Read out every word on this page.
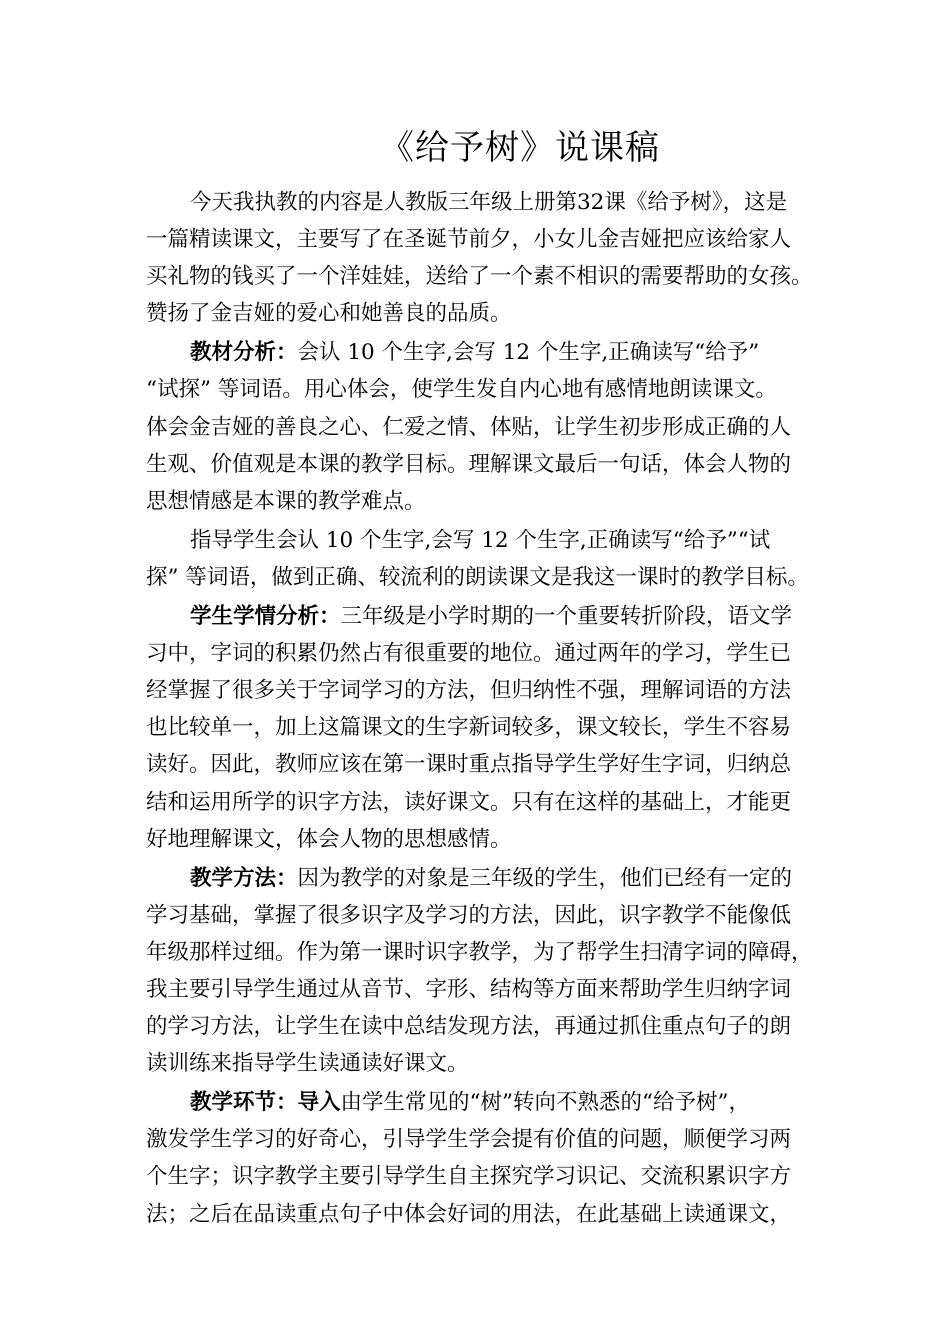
《给予树》说课稿

今天我执教的内容是人教版三年级上册第32课《给予树》，这是
一篇精读课文，主要写了在圣诞节前夕，小女儿金吉娅把应该给家人
买礼物的钱买了一个洋娃娃，送给了一个素不相识的需要帮助的女孩。
赞扬了金吉娅的爱心和她善良的品质。

教材分析：会认 10 个生字,会写 12 个生字,正确读写“给予”
“试探” 等词语。用心体会，使学生发自内心地有感情地朗读课文。
体会金吉娅的善良之心、仁爱之情、体贴，让学生初步形成正确的人
生观、价值观是本课的教学目标。理解课文最后一句话，体会人物的
思想情感是本课的教学难点。

指导学生会认 10 个生字,会写 12 个生字,正确读写“给予”“试
探” 等词语，做到正确、较流利的朗读课文是我这一课时的教学目标。

学生学情分析：三年级是小学时期的一个重要转折阶段，语文学
习中，字词的积累仍然占有很重要的地位。通过两年的学习，学生已
经掌握了很多关于字词学习的方法，但归纳性不强，理解词语的方法
也比较单一，加上这篇课文的生字新词较多，课文较长，学生不容易
读好。因此，教师应该在第一课时重点指导学生学好生字词，归纳总
结和运用所学的识字方法，读好课文。只有在这样的基础上，才能更
好地理解课文，体会人物的思想感情。

教学方法：因为教学的对象是三年级的学生，他们已经有一定的
学习基础，掌握了很多识字及学习的方法，因此，识字教学不能像低
年级那样过细。作为第一课时识字教学，为了帮学生扫清字词的障碍，
我主要引导学生通过从音节、字形、结构等方面来帮助学生归纳字词
的学习方法，让学生在读中总结发现方法，再通过抓住重点句子的朗
读训练来指导学生读通读好课文。

教学环节：导入由学生常见的“树”转向不熟悉的“给予树”，
激发学生学习的好奇心，引导学生学会提有价值的问题，顺便学习两
个生字；识字教学主要引导学生自主探究学习识记、交流积累识字方
法；之后在品读重点句子中体会好词的用法，在此基础上读通课文，
